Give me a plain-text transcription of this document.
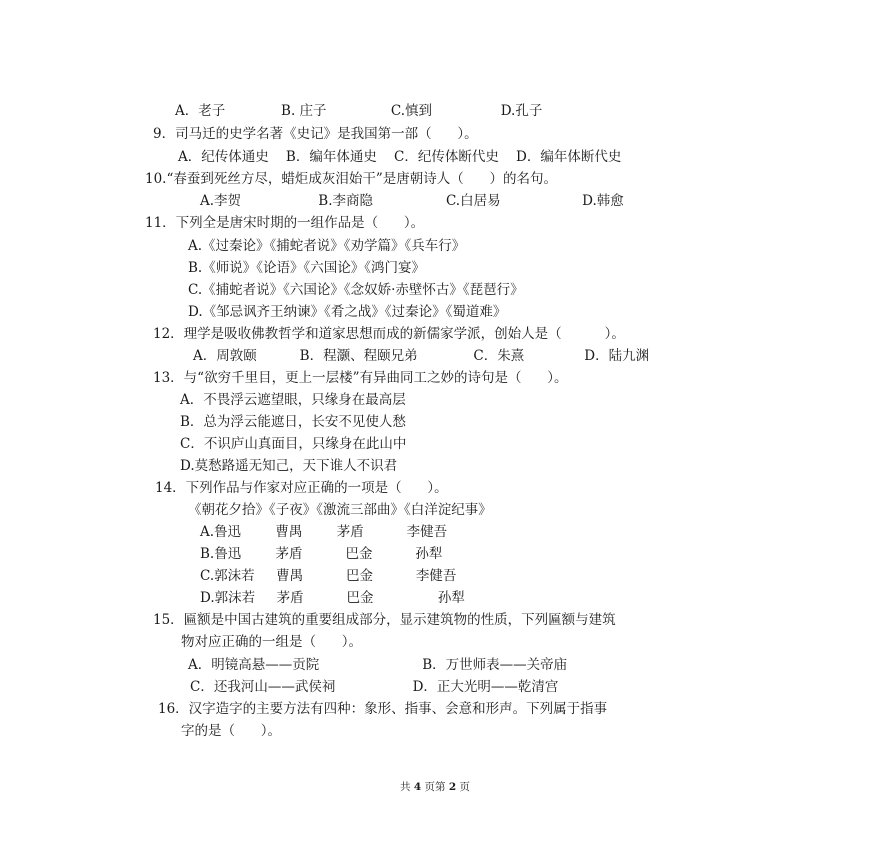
A．老子             B. 庄子               C.慎到                D.孔子
9．司马迁的史学名著《史记》是我国第一部（      ）。
A．纪传体通史    B．编年体通史    C．纪传体断代史    D．编年体断代史
10.“春蚕到死丝方尽，蜡炬成灰泪始干”是唐朝诗人（      ）的名句。
A.李贺                  B.李商隐                 C.白居易                   D.韩愈
11．下列全是唐宋时期的一组作品是（      ）。
A.《过秦论》《捕蛇者说》《劝学篇》《兵车行》
B.《师说》《论语》《六国论》《鸿门宴》
C.《捕蛇者说》《六国论》《念奴娇·赤壁怀古》《琵琶行》
D.《邹忌讽齐王纳谏》《肴之战》《过秦论》《蜀道难》
12．理学是吸收佛教哲学和道家思想而成的新儒家学派，创始人是（          ）。
A．周敦颐          B．程灏、程颐兄弟             C．朱熹              D．陆九渊
13．与“欲穷千里目，更上一层楼”有异曲同工之妙的诗句是（      ）。
A．不畏浮云遮望眼，只缘身在最高层
B．总为浮云能遮日，长安不见使人愁
C．不识庐山真面目，只缘身在此山中
D.莫愁路遥无知己，天下谁人不识君
14．下列作品与作家对应正确的一项是（      ）。
《朝花夕拾》《子夜》《激流三部曲》《白洋淀纪事》
A.鲁迅        曹禺        茅盾          李健吾
B.鲁迅        茅盾          巴金          孙犁
C.郭沫若     曹禺          巴金          李健吾
D.郭沫若     茅盾          巴金               孙犁
15．匾额是中国古建筑的重要组成部分，显示建筑物的性质，下列匾额与建筑
物对应正确的一组是（      ）。
A．明镜高悬——贡院                        B．万世师表——关帝庙
C．还我河山——武侯祠                  D．正大光明——乾清宫
16．汉字造字的主要方法有四种：象形、指事、会意和形声。下列属于指事
字的是（      ）。
共 4 页第 2 页
